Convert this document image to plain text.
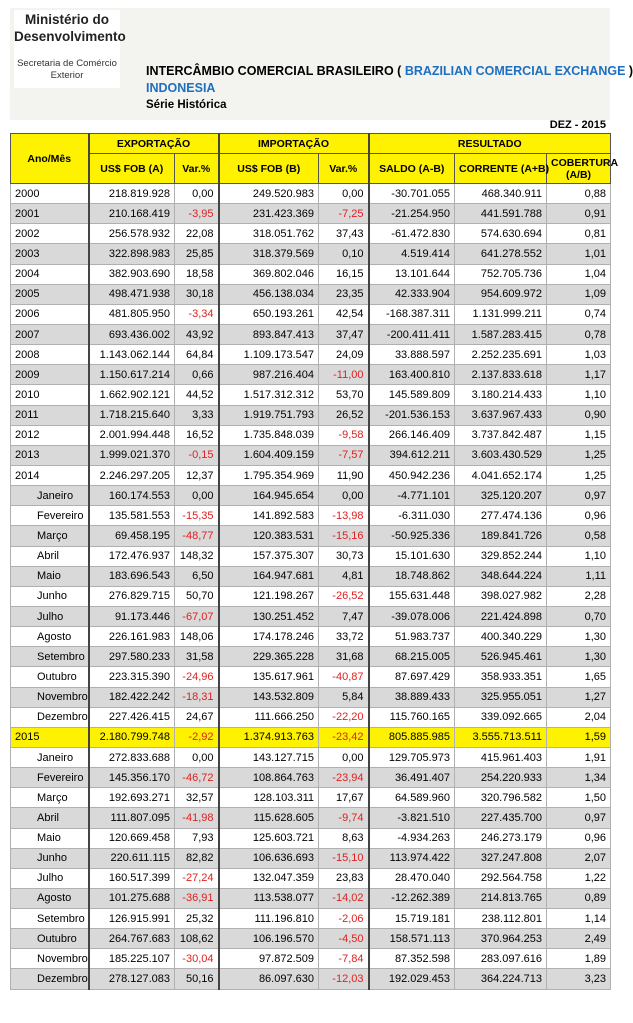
Ministério do
Desenvolvimento
Secretaria de Comércio
Exterior	INTERCÂMBIO COMERCIAL BRASILEIRO ( BRAZILIAN COMERCIAL EXCHANGE )
INDONESIA
Série Histórica
DEZ - 2015
Ano/Mês	EXPORTAÇÃO		IMPORTAÇÃO		RESULTADO		
	US$ FOB (A)	Var.%	US$ FOB (B)	Var.%	SALDO (A-B)	CORRENTE (A+B)	COBERTURA (A/B)
2000	218.819.928	0,00	249.520.983	0,00	-30.701.055	468.340.911	0,88
2001	210.168.419	-3,95	231.423.369	-7,25	-21.254.950	441.591.788	0,91
2002	256.578.932	22,08	318.051.762	37,43	-61.472.830	574.630.694	0,81
2003	322.898.983	25,85	318.379.569	0,10	4.519.414	641.278.552	1,01
2004	382.903.690	18,58	369.802.046	16,15	13.101.644	752.705.736	1,04
2005	498.471.938	30,18	456.138.034	23,35	42.333.904	954.609.972	1,09
2006	481.805.950	-3,34	650.193.261	42,54	-168.387.311	1.131.999.211	0,74
2007	693.436.002	43,92	893.847.413	37,47	-200.411.411	1.587.283.415	0,78
2008	1.143.062.144	64,84	1.109.173.547	24,09	33.888.597	2.252.235.691	1,03
2009	1.150.617.214	0,66	987.216.404	-11,00	163.400.810	2.137.833.618	1,17
2010	1.662.902.121	44,52	1.517.312.312	53,70	145.589.809	3.180.214.433	1,10
2011	1.718.215.640	3,33	1.919.751.793	26,52	-201.536.153	3.637.967.433	0,90
2012	2.001.994.448	16,52	1.735.848.039	-9,58	266.146.409	3.737.842.487	1,15
2013	1.999.021.370	-0,15	1.604.409.159	-7,57	394.612.211	3.603.430.529	1,25
2014	2.246.297.205	12,37	1.795.354.969	11,90	450.942.236	4.041.652.174	1,25
Janeiro	160.174.553	0,00	164.945.654	0,00	-4.771.101	325.120.207	0,97
Fevereiro	135.581.553	-15,35	141.892.583	-13,98	-6.311.030	277.474.136	0,96
Março	69.458.195	-48,77	120.383.531	-15,16	-50.925.336	189.841.726	0,58
Abril	172.476.937	148,32	157.375.307	30,73	15.101.630	329.852.244	1,10
Maio	183.696.543	6,50	164.947.681	4,81	18.748.862	348.644.224	1,11
Junho	276.829.715	50,70	121.198.267	-26,52	155.631.448	398.027.982	2,28
Julho	91.173.446	-67,07	130.251.452	7,47	-39.078.006	221.424.898	0,70
Agosto	226.161.983	148,06	174.178.246	33,72	51.983.737	400.340.229	1,30
Setembro	297.580.233	31,58	229.365.228	31,68	68.215.005	526.945.461	1,30
Outubro	223.315.390	-24,96	135.617.961	-40,87	87.697.429	358.933.351	1,65
Novembro	182.422.242	-18,31	143.532.809	5,84	38.889.433	325.955.051	1,27
Dezembro	227.426.415	24,67	111.666.250	-22,20	115.760.165	339.092.665	2,04
2015	2.180.799.748	-2,92	1.374.913.763	-23,42	805.885.985	3.555.713.511	1,59
Janeiro	272.833.688	0,00	143.127.715	0,00	129.705.973	415.961.403	1,91
Fevereiro	145.356.170	-46,72	108.864.763	-23,94	36.491.407	254.220.933	1,34
Março	192.693.271	32,57	128.103.311	17,67	64.589.960	320.796.582	1,50
Abril	111.807.095	-41,98	115.628.605	-9,74	-3.821.510	227.435.700	0,97
Maio	120.669.458	7,93	125.603.721	8,63	-4.934.263	246.273.179	0,96
Junho	220.611.115	82,82	106.636.693	-15,10	113.974.422	327.247.808	2,07
Julho	160.517.399	-27,24	132.047.359	23,83	28.470.040	292.564.758	1,22
Agosto	101.275.688	-36,91	113.538.077	-14,02	-12.262.389	214.813.765	0,89
Setembro	126.915.991	25,32	111.196.810	-2,06	15.719.181	238.112.801	1,14
Outubro	264.767.683	108,62	106.196.570	-4,50	158.571.113	370.964.253	2,49
Novembro	185.225.107	-30,04	97.872.509	-7,84	87.352.598	283.097.616	1,89
Dezembro	278.127.083	50,16	86.097.630	-12,03	192.029.453	364.224.713	3,23
